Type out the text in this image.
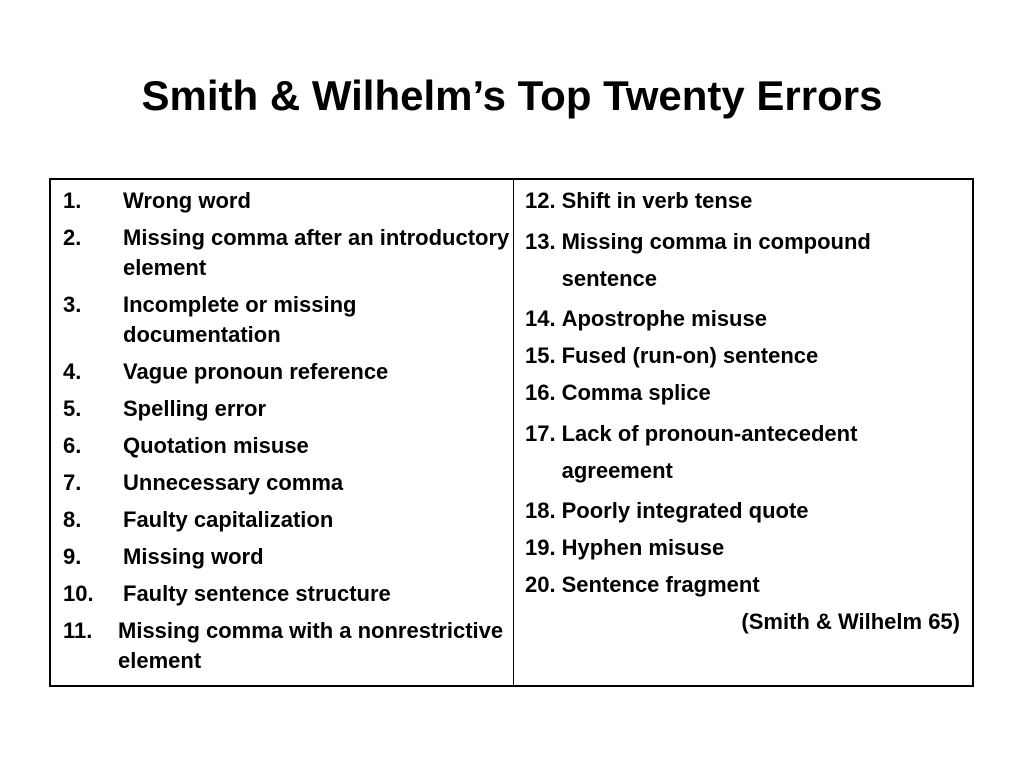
Smith & Wilhelm’s Top Twenty Errors
1.	Wrong word
2.	Missing comma after an introductory element
3.	Incomplete or missing documentation
4.	Vague pronoun reference
5.	Spelling error
6.	Quotation misuse
7.	Unnecessary comma
8.	Faulty capitalization
9.	Missing word
10.	Faulty sentence structure
11.	Missing comma with a nonrestrictive element
12. Shift in verb tense
13. Missing comma in compound sentence
14. Apostrophe misuse
15. Fused (run-on) sentence
16. Comma splice
17. Lack of pronoun-antecedent agreement
18. Poorly integrated quote
19. Hyphen misuse
20. Sentence fragment
(Smith & Wilhelm 65)
